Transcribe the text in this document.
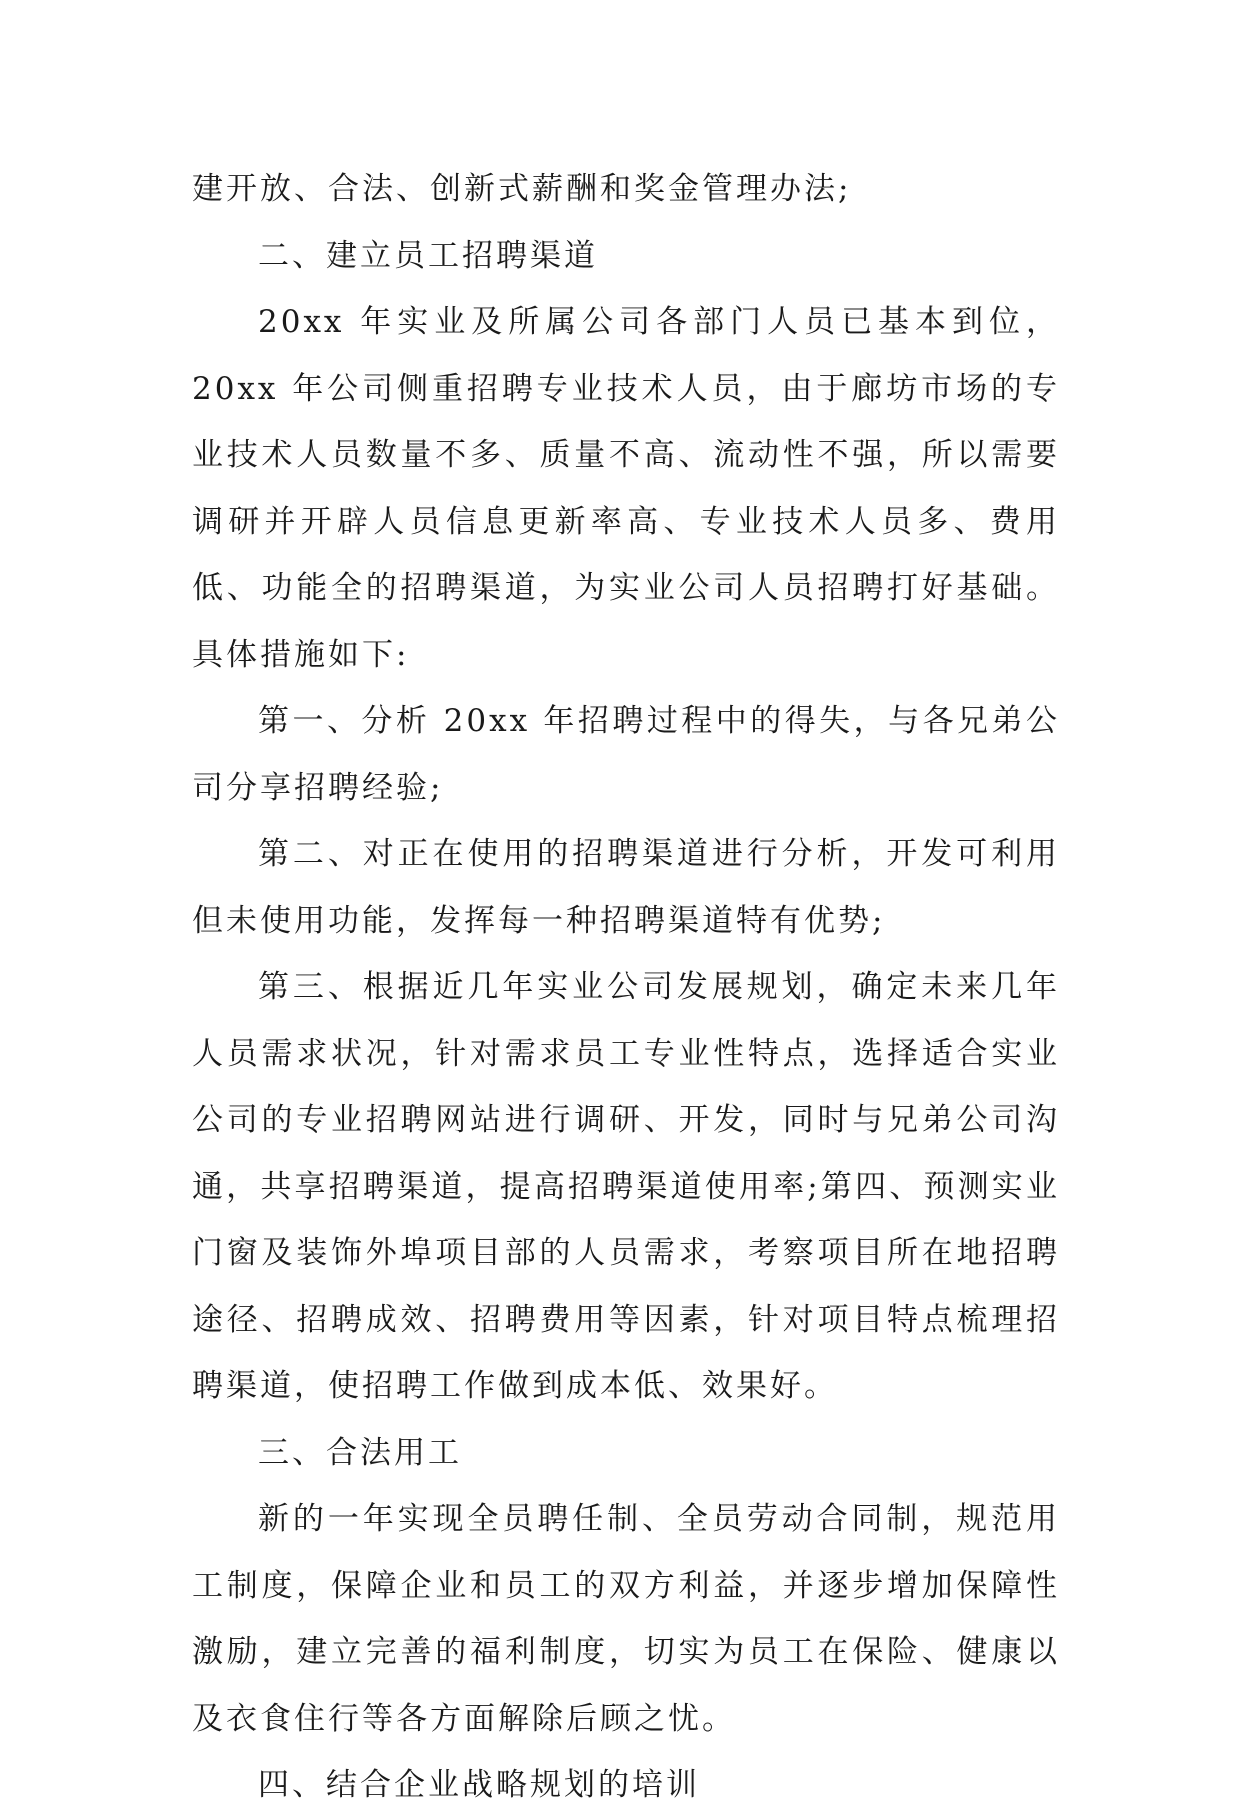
建开放、合法、创新式薪酬和奖金管理办法;

二、建立员工招聘渠道

20xx 年实业及所属公司各部门人员已基本到位，20xx 年公司侧重招聘专业技术人员，由于廊坊市场的专业技术人员数量不多、质量不高、流动性不强，所以需要调研并开辟人员信息更新率高、专业技术人员多、费用低、功能全的招聘渠道，为实业公司人员招聘打好基础。具体措施如下:

第一、分析 20xx 年招聘过程中的得失，与各兄弟公司分享招聘经验;

第二、对正在使用的招聘渠道进行分析，开发可利用但未使用功能，发挥每一种招聘渠道特有优势;

第三、根据近几年实业公司发展规划，确定未来几年人员需求状况，针对需求员工专业性特点，选择适合实业公司的专业招聘网站进行调研、开发，同时与兄弟公司沟通，共享招聘渠道，提高招聘渠道使用率;第四、预测实业门窗及装饰外埠项目部的人员需求，考察项目所在地招聘途径、招聘成效、招聘费用等因素，针对项目特点梳理招聘渠道，使招聘工作做到成本低、效果好。

三、合法用工

新的一年实现全员聘任制、全员劳动合同制，规范用工制度，保障企业和员工的双方利益，并逐步增加保障性激励，建立完善的福利制度，切实为员工在保险、健康以及衣食住行等各方面解除后顾之忧。

四、结合企业战略规划的培训
